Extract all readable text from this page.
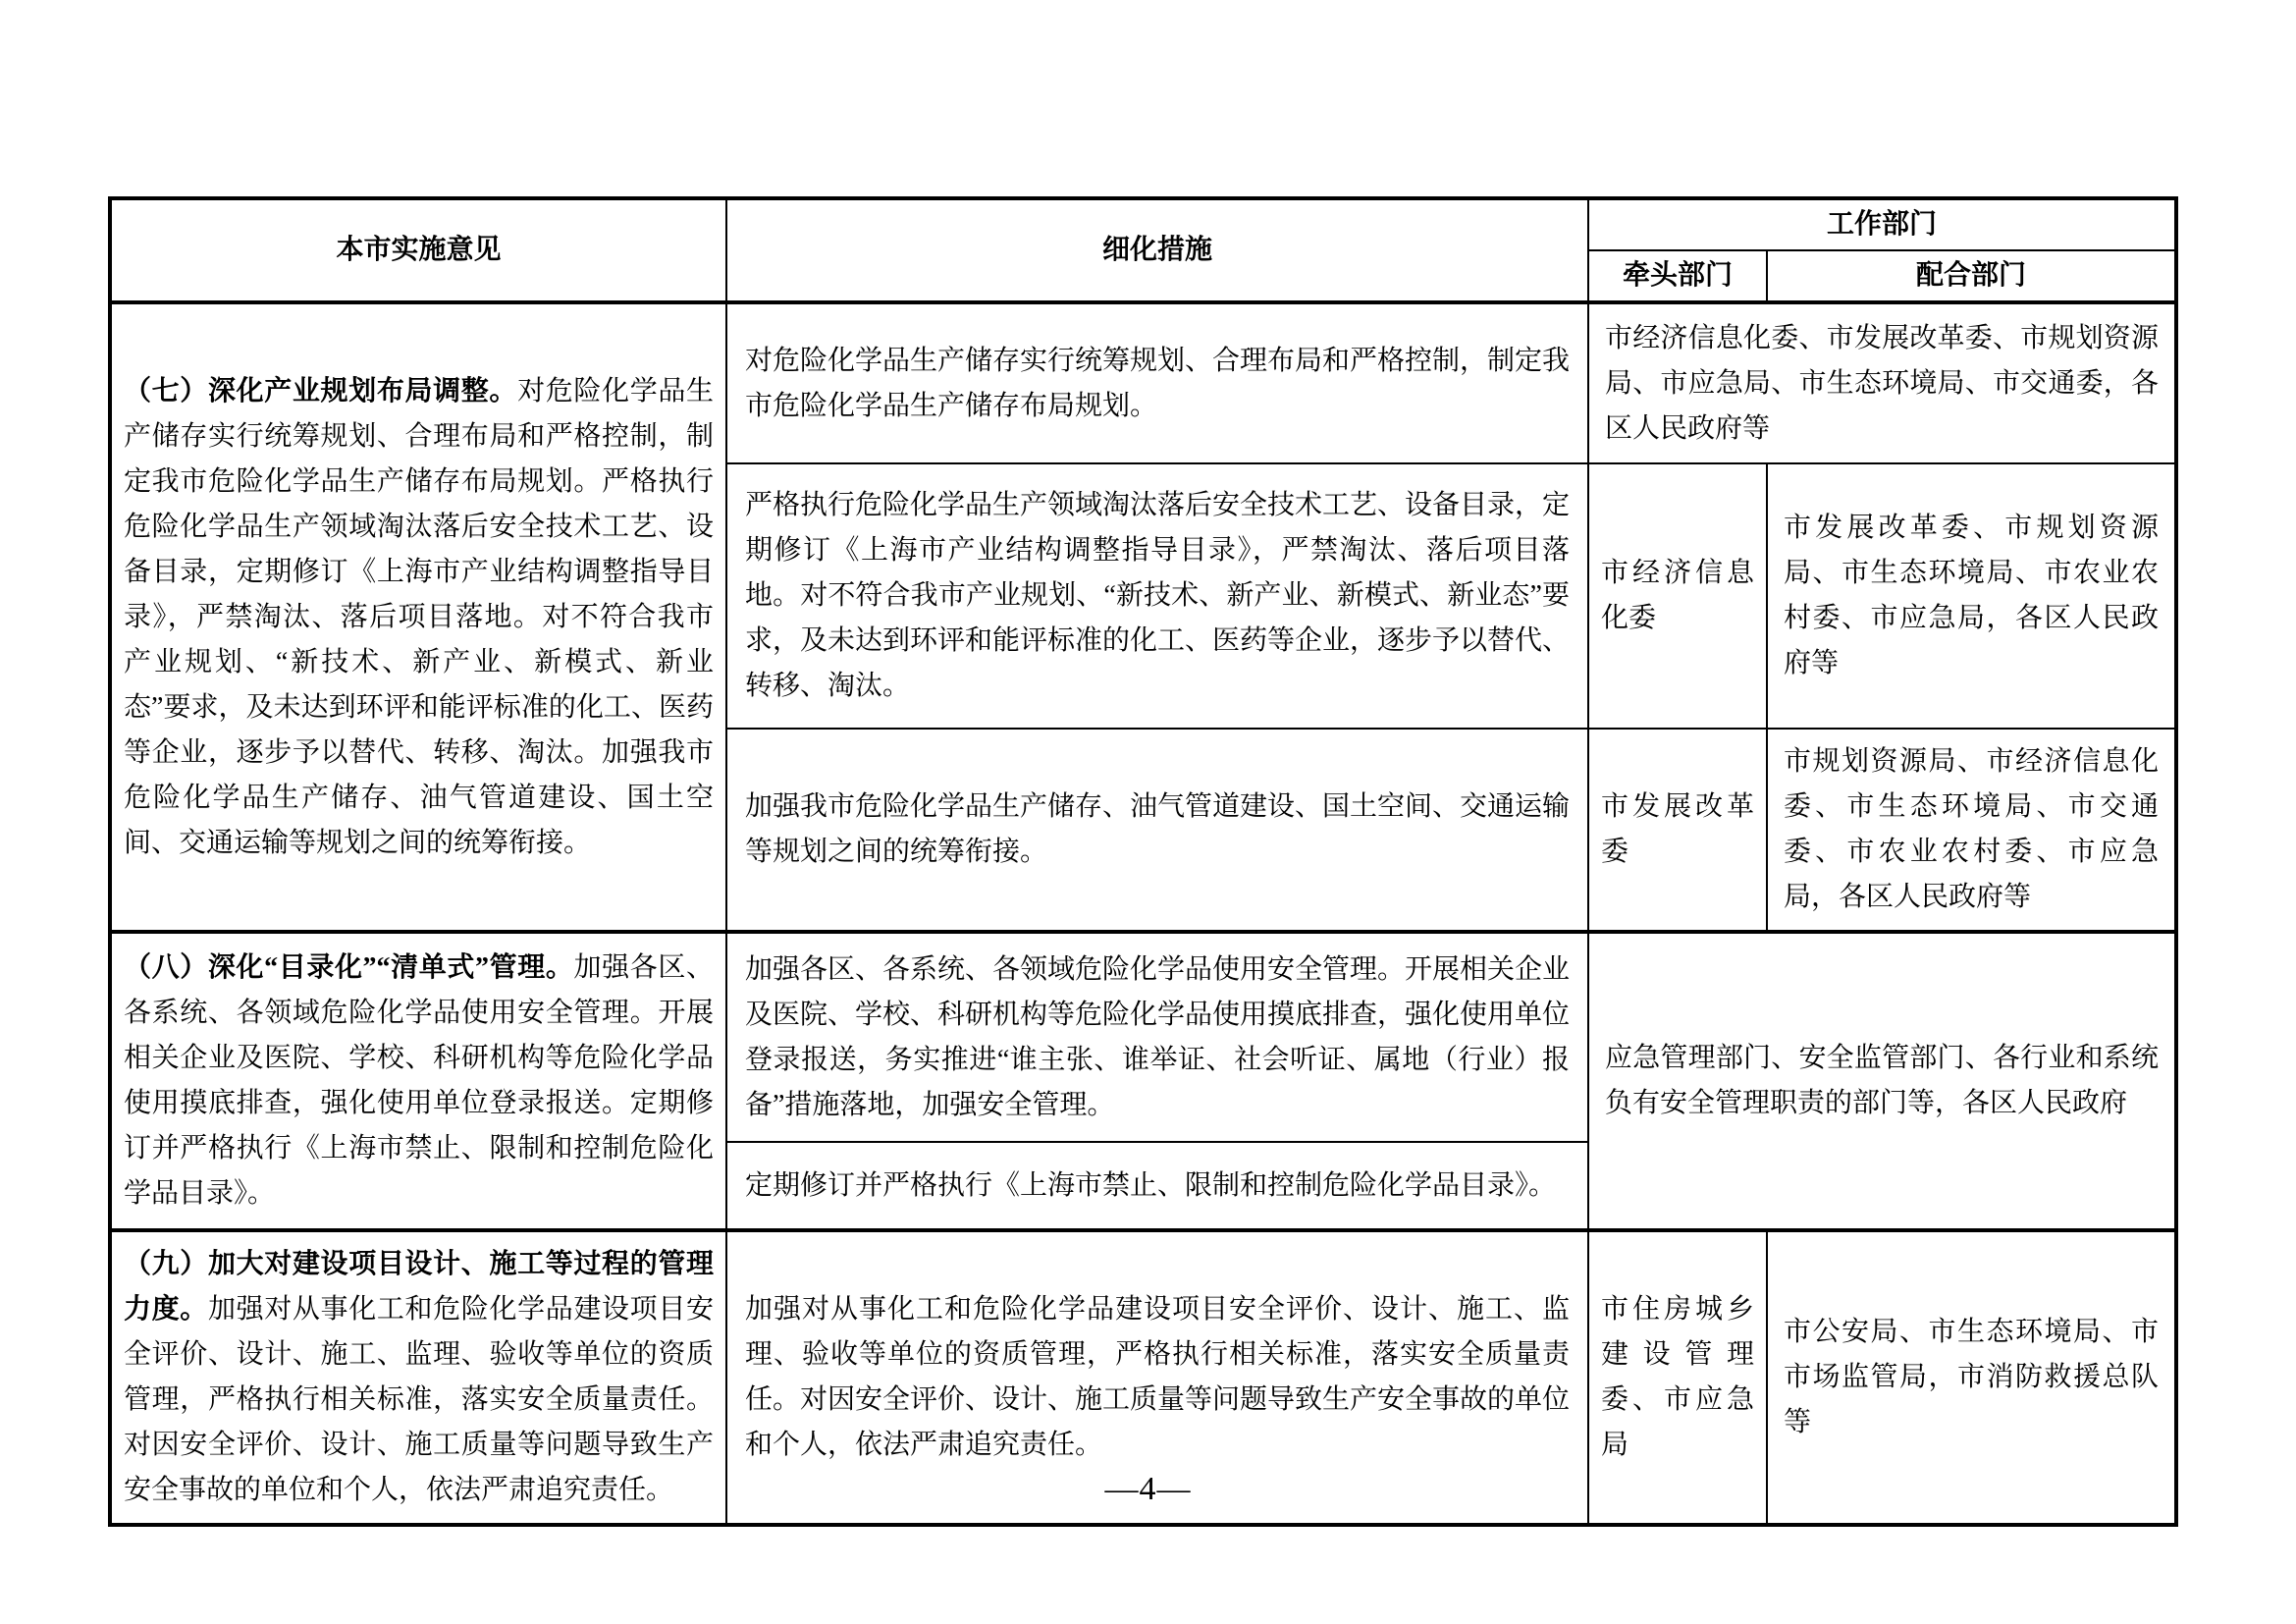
本市实施意见	细化措施	工作部门	
		牵头部门	配合部门
（七）深化产业规划布局调整。对危险化学品生产储存实行统筹规划、合理布局和严格控制，制定我市危险化学品生产储存布局规划。严格执行危险化学品生产领域淘汰落后安全技术工艺、设备目录，定期修订《上海市产业结构调整指导目录》，严禁淘汰、落后项目落地。对不符合我市产业规划、“新技术、新产业、新模式、新业态”要求，及未达到环评和能评标准的化工、医药等企业，逐步予以替代、转移、淘汰。加强我市危险化学品生产储存、油气管道建设、国土空间、交通运输等规划之间的统筹衔接。	对危险化学品生产储存实行统筹规划、合理布局和严格控制，制定我市危险化学品生产储存布局规划。	市经济信息化委、市发展改革委、市规划资源局、市应急局、市生态环境局、市交通委，各区人民政府等	
	严格执行危险化学品生产领域淘汰落后安全技术工艺、设备目录，定期修订《上海市产业结构调整指导目录》，严禁淘汰、落后项目落地。对不符合我市产业规划、“新技术、新产业、新模式、新业态”要求，及未达到环评和能评标准的化工、医药等企业，逐步予以替代、转移、淘汰。	市经济信息化委	市发展改革委、市规划资源局、市生态环境局、市农业农村委、市应急局，各区人民政府等
	加强我市危险化学品生产储存、油气管道建设、国土空间、交通运输等规划之间的统筹衔接。	市发展改革委	市规划资源局、市经济信息化委、市生态环境局、市交通委、市农业农村委、市应急局，各区人民政府等
（八）深化“目录化”“清单式”管理。加强各区、各系统、各领域危险化学品使用安全管理。开展相关企业及医院、学校、科研机构等危险化学品使用摸底排查，强化使用单位登录报送。定期修订并严格执行《上海市禁止、限制和控制危险化学品目录》。	加强各区、各系统、各领域危险化学品使用安全管理。开展相关企业及医院、学校、科研机构等危险化学品使用摸底排查，强化使用单位登录报送，务实推进“谁主张、谁举证、社会听证、属地（行业）报备”措施落地，加强安全管理。	应急管理部门、安全监管部门、各行业和系统负有安全管理职责的部门等，各区人民政府	
	定期修订并严格执行《上海市禁止、限制和控制危险化学品目录》。		
（九）加大对建设项目设计、施工等过程的管理力度。加强对从事化工和危险化学品建设项目安全评价、设计、施工、监理、验收等单位的资质管理，严格执行相关标准，落实安全质量责任。对因安全评价、设计、施工质量等问题导致生产安全事故的单位和个人，依法严肃追究责任。	加强对从事化工和危险化学品建设项目安全评价、设计、施工、监理、验收等单位的资质管理，严格执行相关标准，落实安全质量责任。对因安全评价、设计、施工质量等问题导致生产安全事故的单位和个人，依法严肃追究责任。	市住房城乡建设管理委、市应急局	市公安局、市生态环境局、市市场监管局，市消防救援总队等
—4—
